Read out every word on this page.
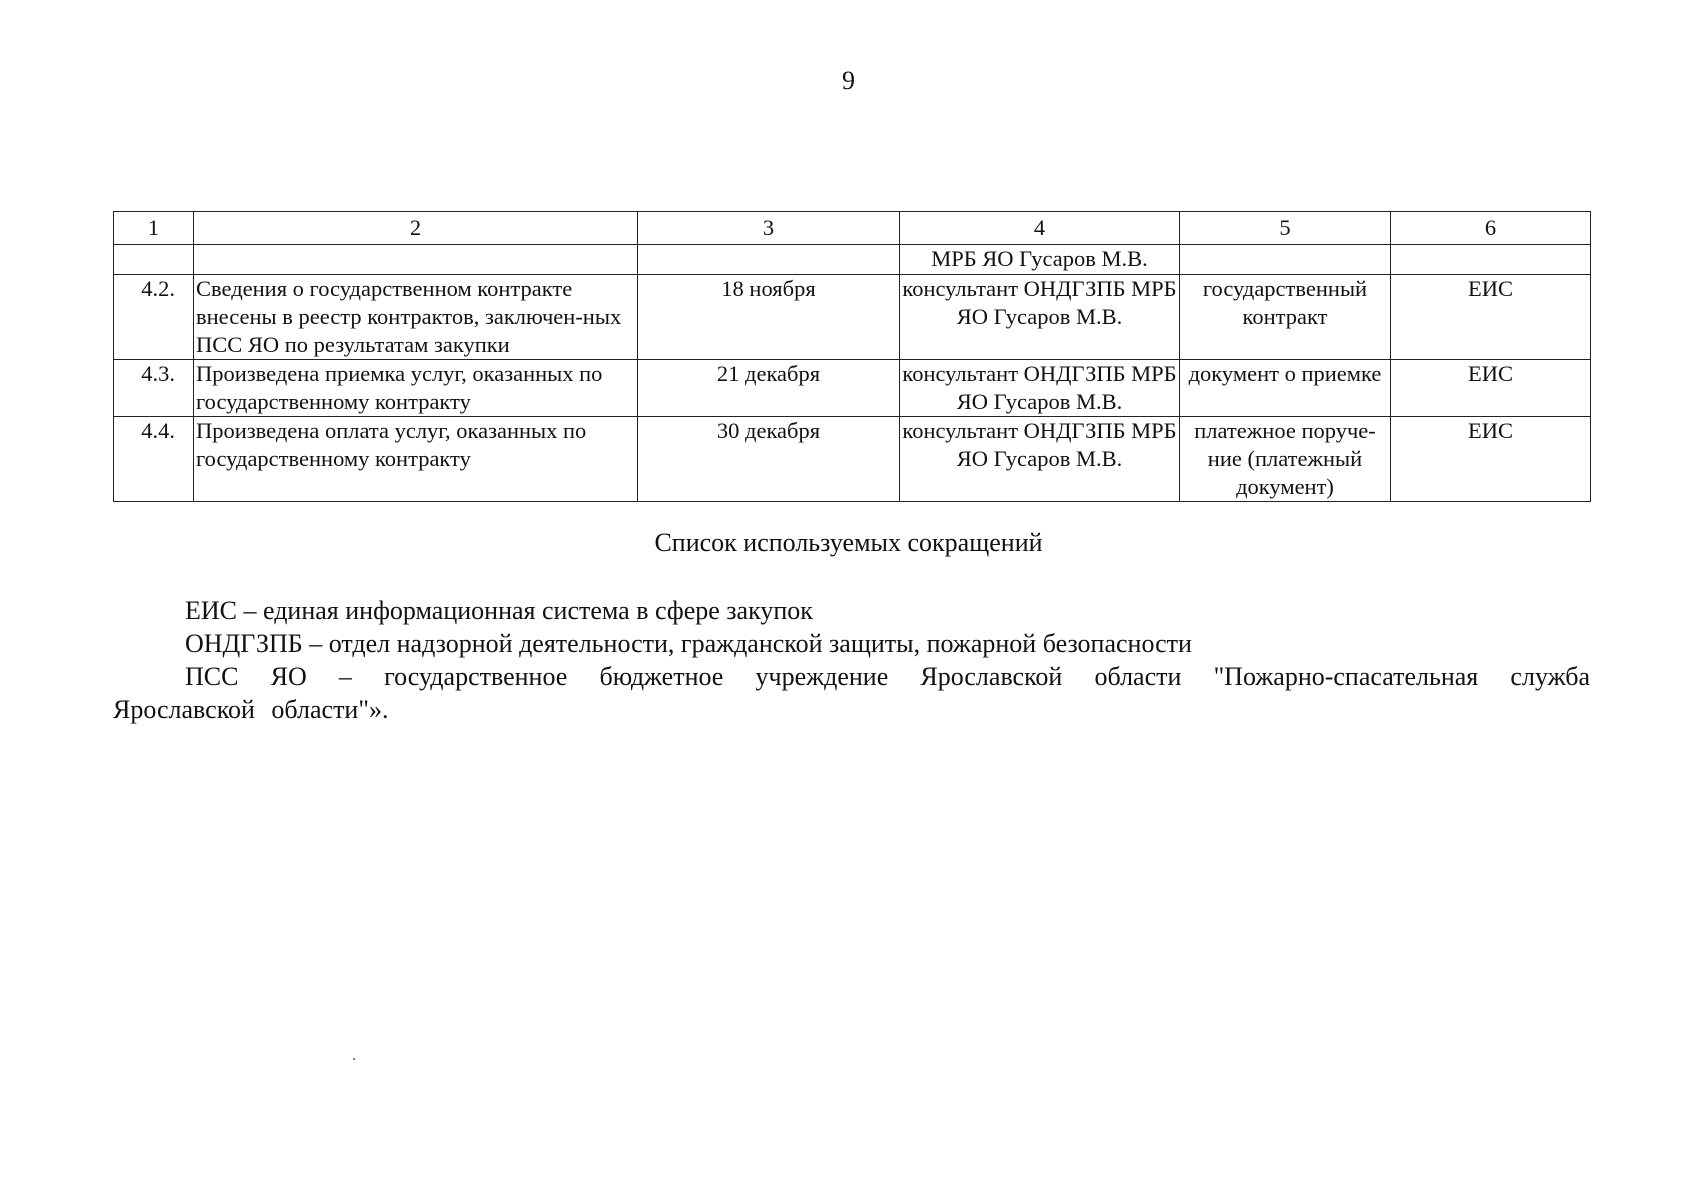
9
1	2	3	4	5	6
			МРБ ЯО Гусаров М.В.		
4.2.	Сведения о государственном контракте внесены в реестр контрактов, заключен-ных ПСС ЯО по результатам закупки	18 ноября	консультант ОНДГЗПБ МРБ ЯО Гусаров М.В.	государственный контракт	ЕИС
4.3.	Произведена приемка услуг, оказанных по государственному контракту	21 декабря	консультант ОНДГЗПБ МРБ ЯО Гусаров М.В.	документ о приемке	ЕИС
4.4.	Произведена оплата услуг, оказанных по государственному контракту	30 декабря	консультант ОНДГЗПБ МРБ ЯО Гусаров М.В.	платежное поруче-ние (платежный документ)	ЕИС
Список используемых сокращений
ЕИС – единая информационная система в сфере закупок
ОНДГЗПБ – отдел надзорной деятельности, гражданской защиты, пожарной безопасности
ПСС ЯО – государственное бюджетное учреждение Ярославской области "Пожарно-спасательная служба Ярославской области"».
